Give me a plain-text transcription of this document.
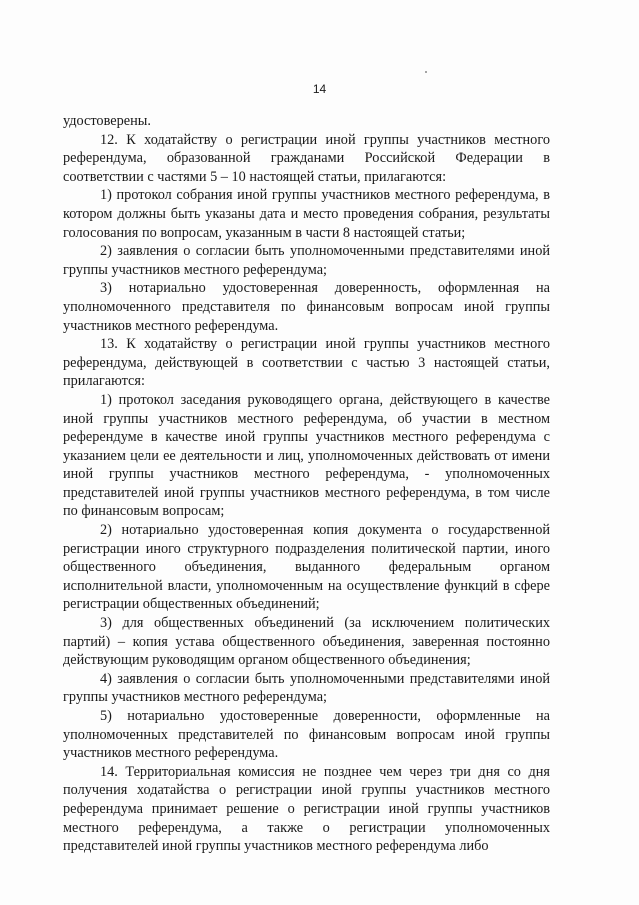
14

удостоверены.

12. К ходатайству о регистрации иной группы участников местного референдума, образованной гражданами Российской Федерации в соответствии с частями 5 – 10 настоящей статьи, прилагаются:

1) протокол собрания иной группы участников местного референдума, в котором должны быть указаны дата и место проведения собрания, результаты голосования по вопросам, указанным в части 8 настоящей статьи;

2) заявления о согласии быть уполномоченными представителями иной группы участников местного референдума;

3) нотариально удостоверенная доверенность, оформленная на уполномоченного представителя по финансовым вопросам иной группы участников местного референдума.

13. К ходатайству о регистрации иной группы участников местного референдума, действующей в соответствии с частью 3 настоящей статьи, прилагаются:

1) протокол заседания руководящего органа, действующего в качестве иной группы участников местного референдума, об участии в местном референдуме в качестве иной группы участников местного референдума с указанием цели ее деятельности и лиц, уполномоченных действовать от имени иной группы участников местного референдума, - уполномоченных представителей иной группы участников местного референдума, в том числе по финансовым вопросам;

2) нотариально удостоверенная копия документа о государственной регистрации иного структурного подразделения политической партии, иного общественного объединения, выданного федеральным органом исполнительной власти, уполномоченным на осуществление функций в сфере регистрации общественных объединений;

3) для общественных объединений (за исключением политических партий) – копия устава общественного объединения, заверенная постоянно действующим руководящим органом общественного объединения;

4) заявления о согласии быть уполномоченными представителями иной группы участников местного референдума;

5) нотариально удостоверенные доверенности, оформленные на уполномоченных представителей по финансовым вопросам иной группы участников местного референдума.

14. Территориальная комиссия не позднее чем через три дня со дня получения ходатайства о регистрации иной группы участников местного референдума принимает решение о регистрации иной группы участников местного референдума, а также о регистрации уполномоченных представителей иной группы участников местного референдума либо
